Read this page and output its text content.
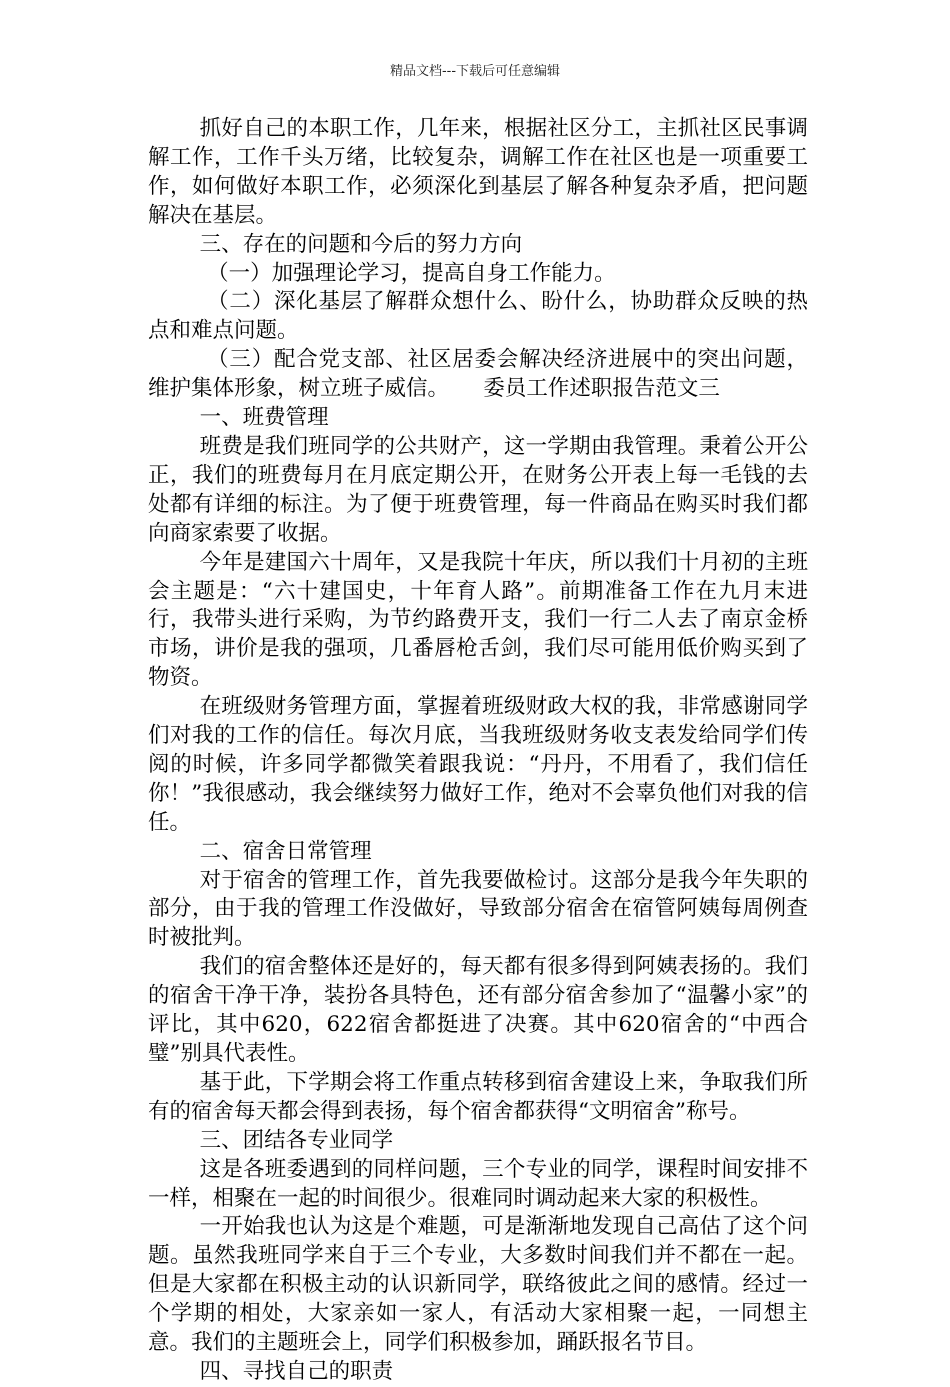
精品文档---下载后可任意编辑

抓好自己的本职工作，几年来，根据社区分工，主抓社区民事调解工作，工作千头万绪，比较复杂，调解工作在社区也是一项重要工作，如何做好本职工作，必须深化到基层了解各种复杂矛盾，把问题解决在基层。

三、存在的问题和今后的努力方向

（一）加强理论学习，提高自身工作能力。

（二）深化基层了解群众想什么、盼什么，协助群众反映的热点和难点问题。

（三）配合党支部、社区居委会解决经济进展中的突出问题，维护集体形象，树立班子威信。 委员工作述职报告范文三

一、班费管理

班费是我们班同学的公共财产，这一学期由我管理。秉着公开公正，我们的班费每月在月底定期公开，在财务公开表上每一毛钱的去处都有详细的标注。为了便于班费管理，每一件商品在购买时我们都向商家索要了收据。

今年是建国六十周年，又是我院十年庆，所以我们十月初的主班会主题是：“六十建国史，十年育人路”。前期准备工作在九月末进行，我带头进行采购，为节约路费开支，我们一行二人去了南京金桥市场，讲价是我的强项，几番唇枪舌剑，我们尽可能用低价购买到了物资。

在班级财务管理方面，掌握着班级财政大权的我，非常感谢同学们对我的工作的信任。每次月底，当我班级财务收支表发给同学们传阅的时候，许多同学都微笑着跟我说：“丹丹，不用看了，我们信任你！”我很感动，我会继续努力做好工作，绝对不会辜负他们对我的信任。

二、宿舍日常管理

对于宿舍的管理工作，首先我要做检讨。这部分是我今年失职的部分，由于我的管理工作没做好，导致部分宿舍在宿管阿姨每周例查时被批判。

我们的宿舍整体还是好的，每天都有很多得到阿姨表扬的。我们的宿舍干净干净，装扮各具特色，还有部分宿舍参加了“温馨小家”的评比，其中620，622宿舍都挺进了决赛。其中620宿舍的“中西合璧”别具代表性。

基于此，下学期会将工作重点转移到宿舍建设上来，争取我们所有的宿舍每天都会得到表扬，每个宿舍都获得“文明宿舍”称号。

三、团结各专业同学

这是各班委遇到的同样问题，三个专业的同学，课程时间安排不一样，相聚在一起的时间很少。很难同时调动起来大家的积极性。

一开始我也认为这是个难题，可是渐渐地发现自己高估了这个问题。虽然我班同学来自于三个专业，大多数时间我们并不都在一起。但是大家都在积极主动的认识新同学，联络彼此之间的感情。经过一个学期的相处，大家亲如一家人，有活动大家相聚一起，一同想主意。我们的主题班会上，同学们积极参加，踊跃报名节目。

四、寻找自己的职责
